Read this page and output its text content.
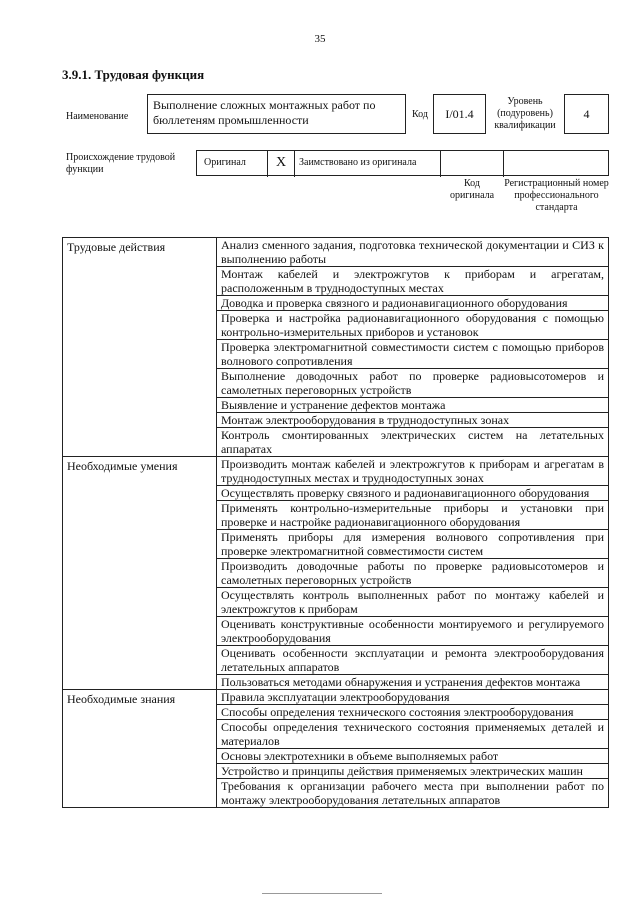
35
3.9.1. Трудовая функция
Наименование
Выполнение сложных монтажных работ по бюллетеням промышленности	Код	I/01.4
Уровень (подуровень) квалификации
4
Происхождение трудовой функции
Оригинал	X	Заимствовано из оригинала
Код оригинала
Регистрационный номер профессионального стандарта
Трудовые действия	Анализ сменного задания, подготовка технической документации и СИЗ к выполнению работы
	Монтаж кабелей и электрожгутов к приборам и агрегатам, расположенным в труднодоступных местах
	Доводка и проверка связного и радионавигационного оборудования
	Проверка и настройка радионавигационного оборудования с помощью контрольно-измерительных приборов и установок
	Проверка электромагнитной совместимости систем с помощью приборов волнового сопротивления
	Выполнение доводочных работ по проверке радиовысотомеров и самолетных переговорных устройств
	Выявление и устранение дефектов монтажа
	Монтаж электрооборудования в труднодоступных зонах
	Контроль смонтированных электрических систем на летательных аппаратах
Необходимые умения	Производить монтаж кабелей и электрожгутов к приборам и агрегатам в труднодоступных местах и труднодоступных зонах
	Осуществлять проверку связного и радионавигационного оборудования
	Применять контрольно-измерительные приборы и установки при проверке и настройке радионавигационного оборудования
	Применять приборы для измерения волнового сопротивления при проверке электромагнитной совместимости систем
	Производить доводочные работы по проверке радиовысотомеров и самолетных переговорных устройств
	Осуществлять контроль выполненных работ по монтажу кабелей и электрожгутов к приборам
	Оценивать конструктивные особенности монтируемого и регулируемого электрооборудования
	Оценивать особенности эксплуатации и ремонта электрооборудования летательных аппаратов
	Пользоваться методами обнаружения и устранения дефектов монтажа
Необходимые знания	Правила эксплуатации электрооборудования
	Способы определения технического состояния электрооборудования
	Способы определения технического состояния применяемых деталей и материалов
	Основы электротехники в объеме выполняемых работ
	Устройство и принципы действия применяемых электрических машин
	Требования к организации рабочего места при выполнении работ по монтажу электрооборудования летательных аппаратов
